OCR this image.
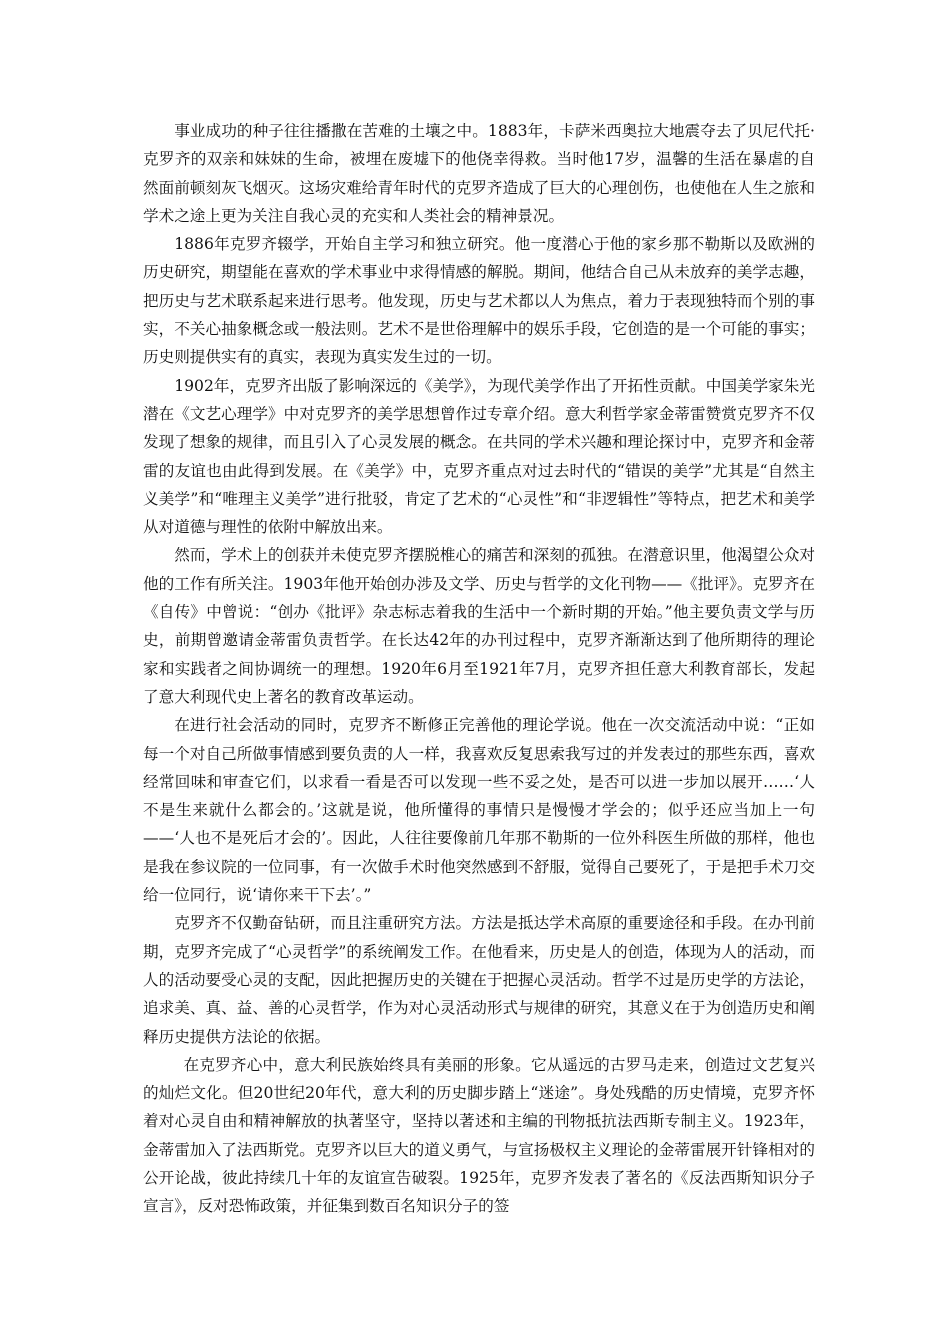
事业成功的种子往往播撒在苦难的土壤之中。1883年，卡萨米西奥拉大地震夺去了贝尼代托·克罗齐的双亲和妹妹的生命，被埋在废墟下的他侥幸得救。当时他17岁，温馨的生活在暴虐的自然面前顿刻灰飞烟灭。这场灾难给青年时代的克罗齐造成了巨大的心理创伤，也使他在人生之旅和学术之途上更为关注自我心灵的充实和人类社会的精神景况。

1886年克罗齐辍学，开始自主学习和独立研究。他一度潜心于他的家乡那不勒斯以及欧洲的历史研究，期望能在喜欢的学术事业中求得情感的解脱。期间，他结合自己从未放弃的美学志趣，把历史与艺术联系起来进行思考。他发现，历史与艺术都以人为焦点，着力于表现独特而个别的事实，不关心抽象概念或一般法则。艺术不是世俗理解中的娱乐手段，它创造的是一个可能的事实；历史则提供实有的真实，表现为真实发生过的一切。

1902年，克罗齐出版了影响深远的《美学》，为现代美学作出了开拓性贡献。中国美学家朱光潜在《文艺心理学》中对克罗齐的美学思想曾作过专章介绍。意大利哲学家金蒂雷赞赏克罗齐不仅发现了想象的规律，而且引入了心灵发展的概念。在共同的学术兴趣和理论探讨中，克罗齐和金蒂雷的友谊也由此得到发展。在《美学》中，克罗齐重点对过去时代的“错误的美学”尤其是“自然主义美学”和“唯理主义美学”进行批驳，肯定了艺术的“心灵性”和“非逻辑性”等特点，把艺术和美学从对道德与理性的依附中解放出来。

然而，学术上的创获并未使克罗齐摆脱椎心的痛苦和深刻的孤独。在潜意识里，他渴望公众对他的工作有所关注。1903年他开始创办涉及文学、历史与哲学的文化刊物——《批评》。克罗齐在《自传》中曾说：“创办《批评》杂志标志着我的生活中一个新时期的开始。”他主要负责文学与历史，前期曾邀请金蒂雷负责哲学。在长达42年的办刊过程中，克罗齐渐渐达到了他所期待的理论家和实践者之间协调统一的理想。1920年6月至1921年7月，克罗齐担任意大利教育部长，发起了意大利现代史上著名的教育改革运动。

在进行社会活动的同时，克罗齐不断修正完善他的理论学说。他在一次交流活动中说：“正如每一个对自己所做事情感到要负责的人一样，我喜欢反复思索我写过的并发表过的那些东西，喜欢经常回味和审查它们，以求看一看是否可以发现一些不妥之处，是否可以进一步加以展开……‘人不是生来就什么都会的。’这就是说，他所懂得的事情只是慢慢才学会的；似乎还应当加上一句——‘人也不是死后才会的’。因此，人往往要像前几年那不勒斯的一位外科医生所做的那样，他也是我在参议院的一位同事，有一次做手术时他突然感到不舒服，觉得自己要死了，于是把手术刀交给一位同行，说‘请你来干下去’。”

克罗齐不仅勤奋钻研，而且注重研究方法。方法是抵达学术高原的重要途径和手段。在办刊前期，克罗齐完成了“心灵哲学”的系统阐发工作。在他看来，历史是人的创造，体现为人的活动，而人的活动要受心灵的支配，因此把握历史的关键在于把握心灵活动。哲学不过是历史学的方法论，追求美、真、益、善的心灵哲学，作为对心灵活动形式与规律的研究，其意义在于为创造历史和阐释历史提供方法论的依据。

在克罗齐心中，意大利民族始终具有美丽的形象。它从遥远的古罗马走来，创造过文艺复兴的灿烂文化。但20世纪20年代，意大利的历史脚步踏上“迷途”。身处残酷的历史情境，克罗齐怀着对心灵自由和精神解放的执著坚守，坚持以著述和主编的刊物抵抗法西斯专制主义。1923年，金蒂雷加入了法西斯党。克罗齐以巨大的道义勇气，与宣扬极权主义理论的金蒂雷展开针锋相对的公开论战，彼此持续几十年的友谊宣告破裂。1925年，克罗齐发表了著名的《反法西斯知识分子宣言》，反对恐怖政策，并征集到数百名知识分子的签
